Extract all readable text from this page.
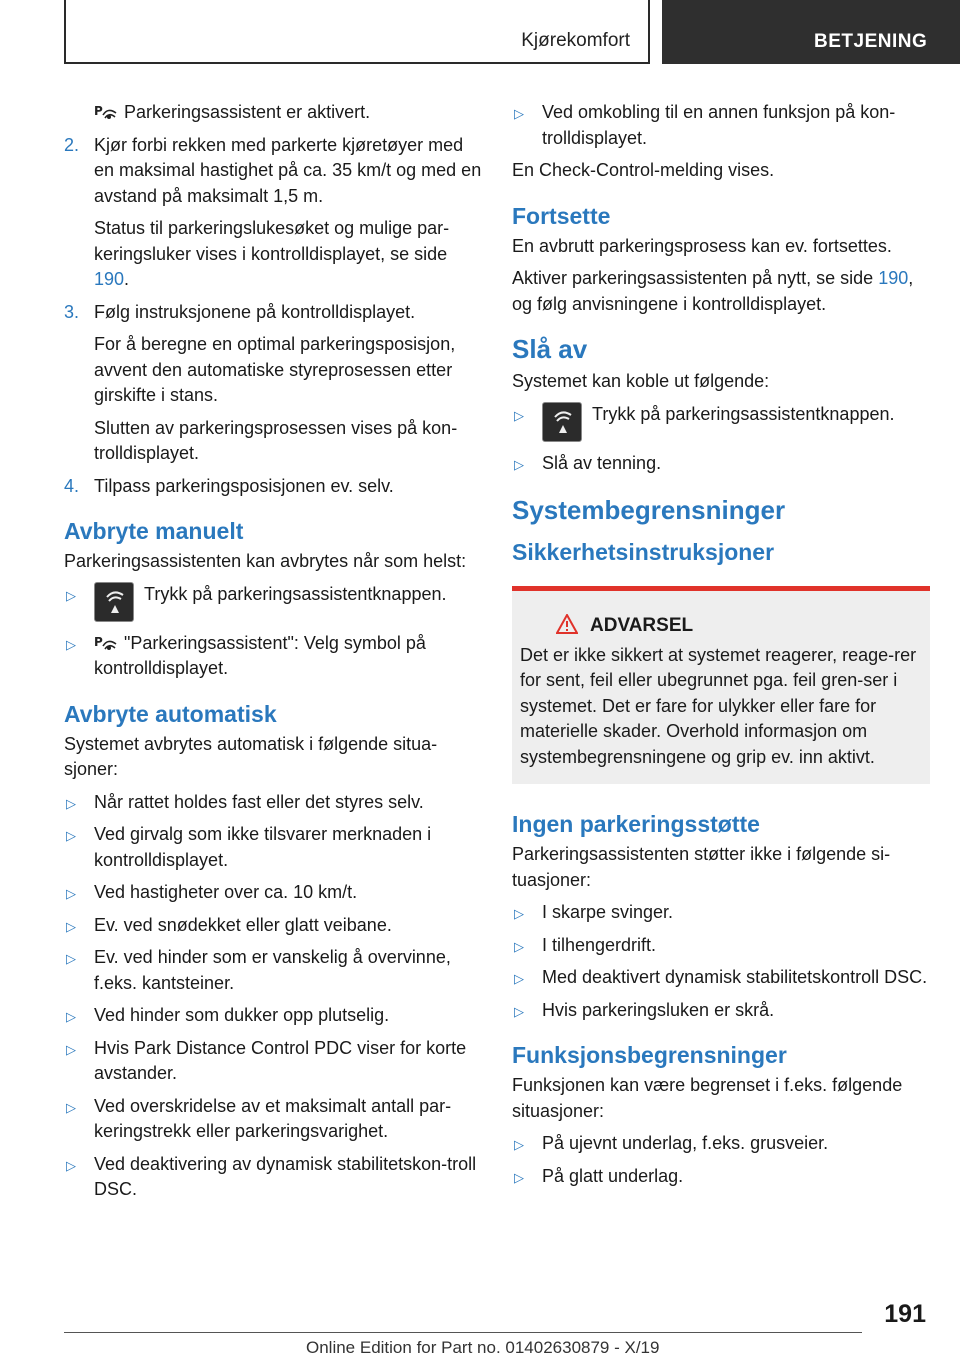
Kjørekomfort	BETJENING
P Parkeringsassistent er aktivert.
2. Kjør forbi rekken med parkerte kjøretøyer med en maksimal hastighet på ca. 35 km/t og med en avstand på maksimalt 1,5 m.
Status til parkeringslukesøket og mulige par-keringsluker vises i kontrolldisplayet, se side 190.
3. Følg instruksjonene på kontrolldisplayet.
For å beregne en optimal parkeringsposisjon, avvent den automatiske styreprosessen etter girskifte i stans.
Slutten av parkeringsprosessen vises på kon-trolldisplayet.
4. Tilpass parkeringsposisjonen ev. selv.
Avbryte manuelt

Parkeringsassistenten kan avbrytes når som helst:

▷	Trykk på parkeringsassistentknappen.
▷ P "Parkeringsassistent": Velg symbol på kontrolldisplayet.
Avbryte automatisk

Systemet avbrytes automatisk i følgende situa-sjoner:

▷ Når rattet holdes fast eller det styres selv.
▷ Ved girvalg som ikke tilsvarer merknaden i kontrolldisplayet.
▷ Ved hastigheter over ca. 10 km/t.
▷ Ev. ved snødekket eller glatt veibane.
▷ Ev. ved hinder som er vanskelig å overvinne, f.eks. kantsteiner.
▷ Ved hinder som dukker opp plutselig.
▷ Hvis Park Distance Control PDC viser for korte avstander.
▷ Ved overskridelse av et maksimalt antall par-keringstrekk eller parkeringsvarighet.
▷ Ved deaktivering av dynamisk stabilitetskon-troll DSC.
▷ Ved omkobling til en annen funksjon på kon-trolldisplayet.

En Check-Control-melding vises.

Fortsette

En avbrutt parkeringsprosess kan ev. fortsettes.

Aktiver parkeringsassistenten på nytt, se side 190, og følg anvisningene i kontrolldisplayet.

Slå av

Systemet kan koble ut følgende:

▷	Trykk på parkeringsassistentknappen.
▷ Slå av tenning.
Systembegrensninger
Sikkerhetsinstruksjoner
ADVARSEL
Det er ikke sikkert at systemet reagerer, reage-rer for sent, feil eller ubegrunnet pga. feil gren-ser i systemet. Det er fare for ulykker eller fare for materielle skader. Overhold informasjon om systembegrensningene og grip ev. inn aktivt.
Ingen parkeringsstøtte

Parkeringsassistenten støtter ikke i følgende si-tuasjoner:

▷ I skarpe svinger.
▷ I tilhengerdrift.
▷ Med deaktivert dynamisk stabilitetskontroll DSC.
▷ Hvis parkeringsluken er skrå.
Funksjonsbegrensninger

Funksjonen kan være begrenset i f.eks. følgende situasjoner:

▷ På ujevnt underlag, f.eks. grusveier.
▷ På glatt underlag.
191
Online Edition for Part no. 01402630879 - X/19
